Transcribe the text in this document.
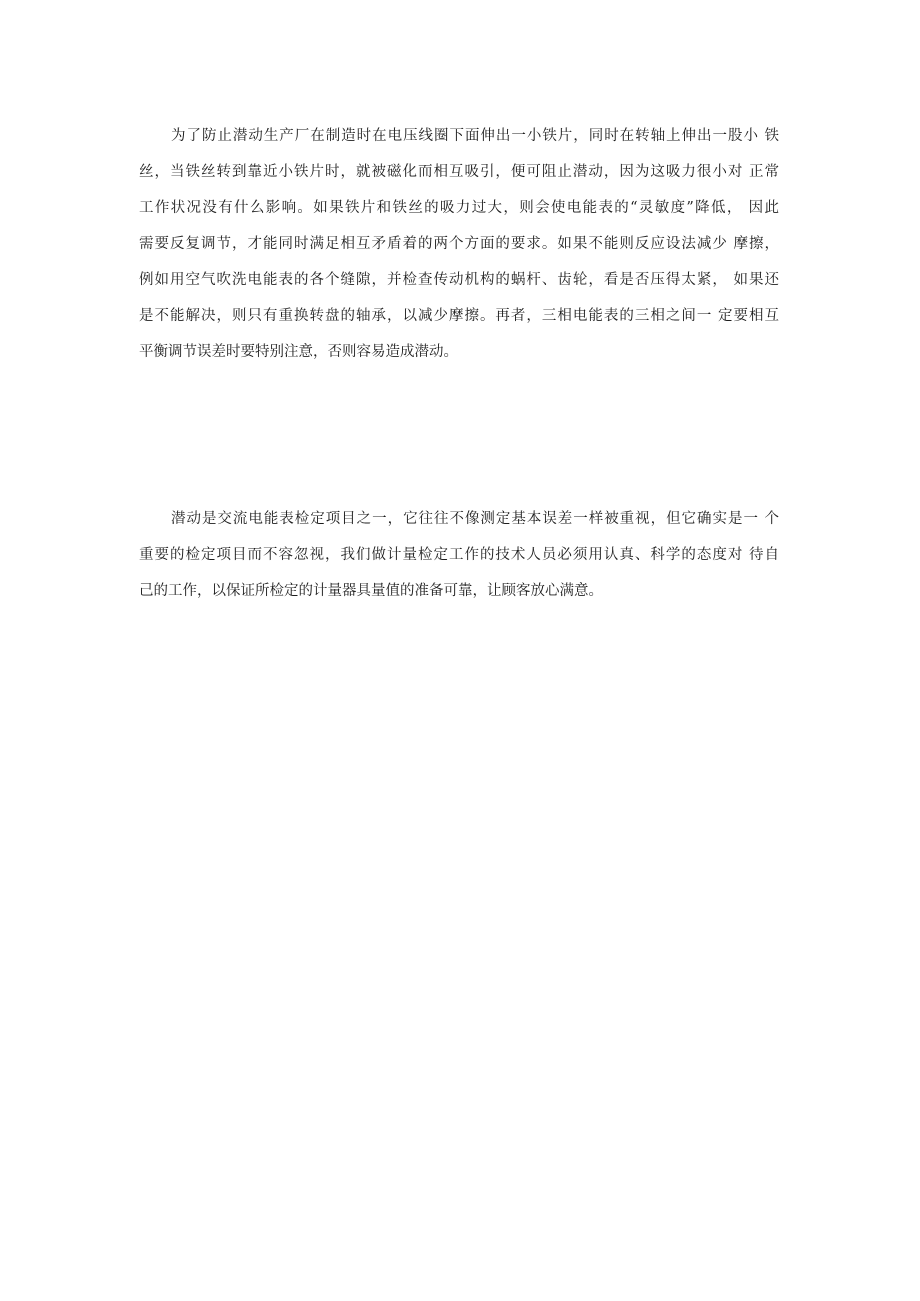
为了防止潜动生产厂在制造时在电压线圈下面伸出一小铁片，同时在转轴上伸出一股小 铁
丝，当铁丝转到靠近小铁片时，就被磁化而相互吸引，便可阻止潜动，因为这吸力很小对 正常
工作状况没有什么影响。如果铁片和铁丝的吸力过大，则会使电能表的“灵敏度”降低， 因此
需要反复调节，才能同时满足相互矛盾着的两个方面的要求。如果不能则反应设法减少 摩擦，
例如用空气吹洗电能表的各个缝隙，并检查传动机构的蜗杆、齿轮，看是否压得太紧， 如果还
是不能解决，则只有重换转盘的轴承，以减少摩擦。再者，三相电能表的三相之间一 定要相互
平衡调节误差时要特别注意，否则容易造成潜动。

潜动是交流电能表检定项目之一，它往往不像测定基本误差一样被重视，但它确实是一 个
重要的检定项目而不容忽视，我们做计量检定工作的技术人员必须用认真、科学的态度对 待自
己的工作，以保证所检定的计量器具量值的准备可靠，让顾客放心满意。
